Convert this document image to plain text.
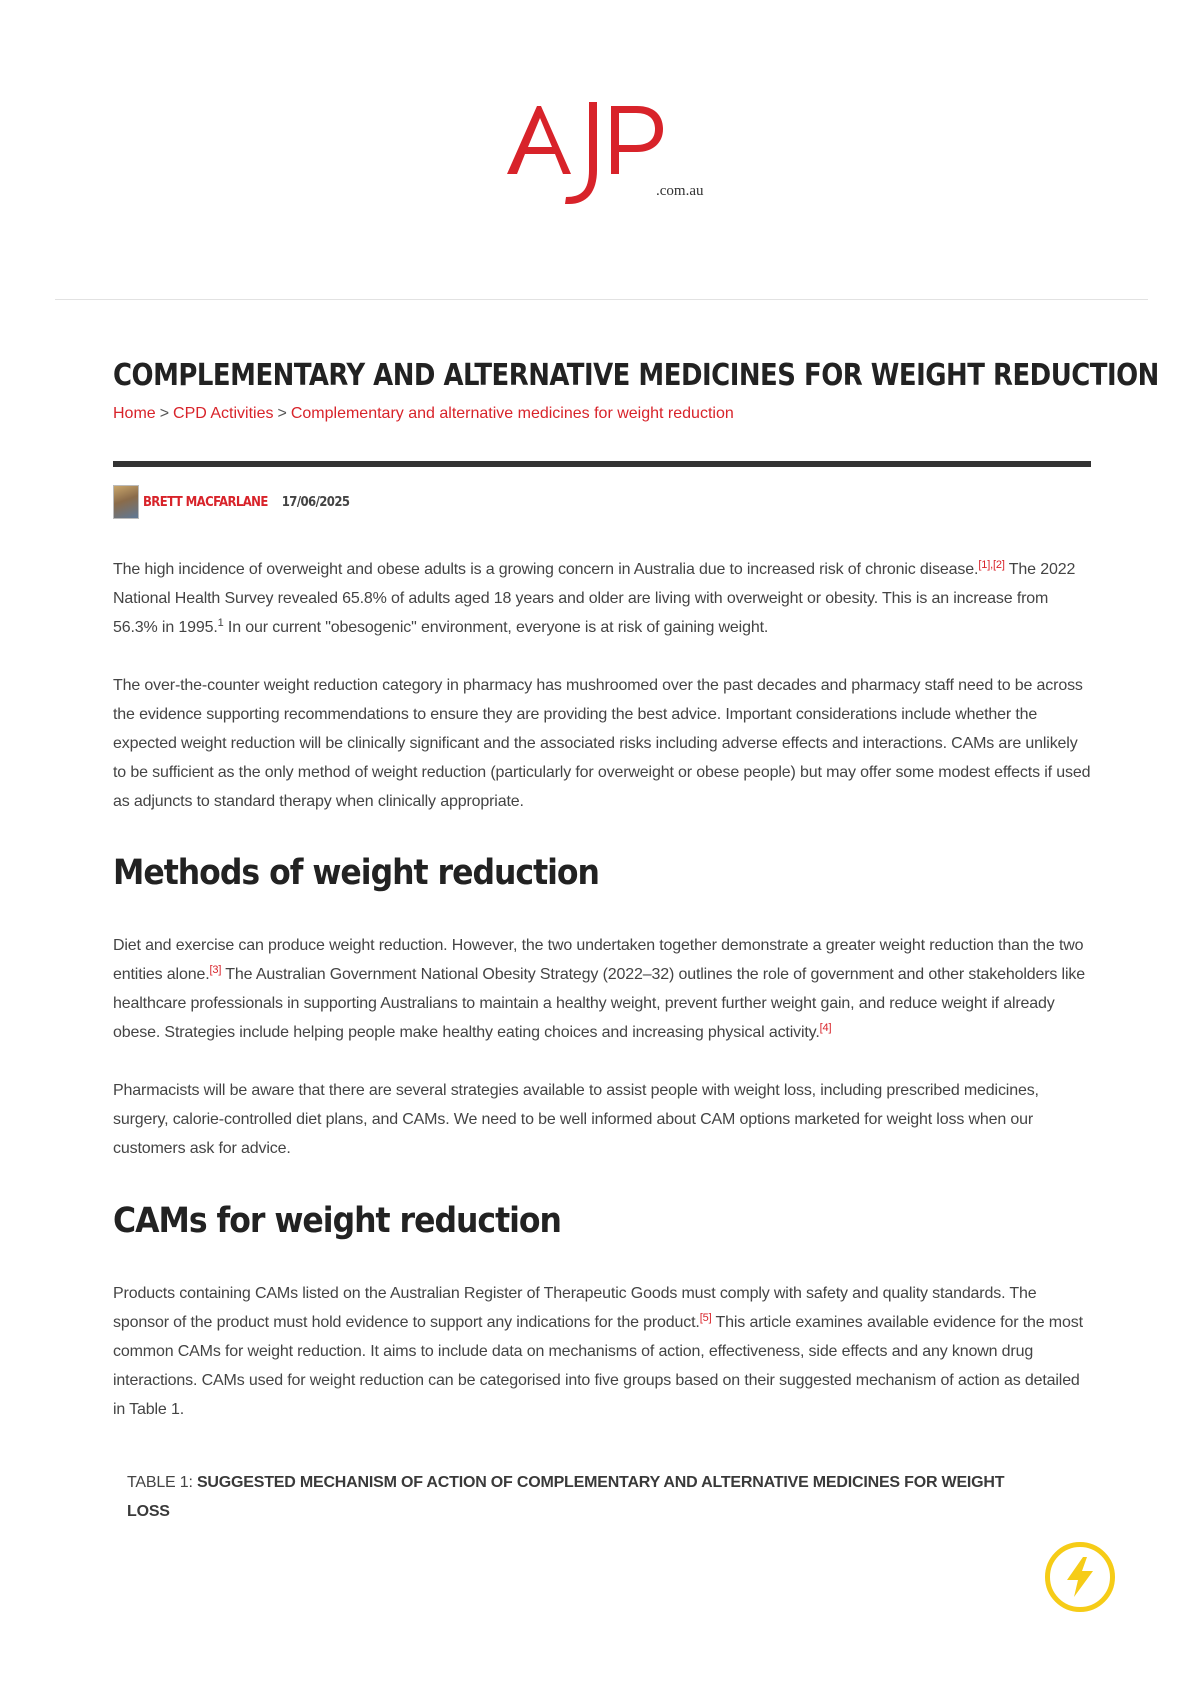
.com.au
COMPLEMENTARY AND ALTERNATIVE MEDICINES FOR WEIGHT REDUCTION
Home > CPD Activities > Complementary and alternative medicines for weight reduction
BRETT MACFARLANE 17/06/2025

The high incidence of overweight and obese adults is a growing concern in Australia due to increased risk of chronic disease.[1],[2] The 2022 National Health Survey revealed 65.8% of adults aged 18 years and older are living with overweight or obesity. This is an increase from 56.3% in 1995.$^1$ In our current "obesogenic" environment, everyone is at risk of gaining weight.

The over-the-counter weight reduction category in pharmacy has mushroomed over the past decades and pharmacy staff need to be across the evidence supporting recommendations to ensure they are providing the best advice. Important considerations include whether the expected weight reduction will be clinically significant and the associated risks including adverse effects and interactions. CAMs are unlikely to be sufficient as the only method of weight reduction (particularly for overweight or obese people) but may offer some modest effects if used as adjuncts to standard therapy when clinically appropriate.

Methods of weight reduction

Diet and exercise can produce weight reduction. However, the two undertaken together demonstrate a greater weight reduction than the two entities alone.[3] The Australian Government National Obesity Strategy (2022–32) outlines the role of government and other stakeholders like healthcare professionals in supporting Australians to maintain a healthy weight, prevent further weight gain, and reduce weight if already obese. Strategies include helping people make healthy eating choices and increasing physical activity.[4]

Pharmacists will be aware that there are several strategies available to assist people with weight loss, including prescribed medicines, surgery, calorie-controlled diet plans, and CAMs. We need to be well informed about CAM options marketed for weight loss when our customers ask for advice.

CAMs for weight reduction

Products containing CAMs listed on the Australian Register of Therapeutic Goods must comply with safety and quality standards. The sponsor of the product must hold evidence to support any indications for the product.[5] This article examines available evidence for the most common CAMs for weight reduction. It aims to include data on mechanisms of action, effectiveness, side effects and any known drug interactions. CAMs used for weight reduction can be categorised into five groups based on their suggested mechanism of action as detailed in Table 1.

TABLE 1: SUGGESTED MECHANISM OF ACTION OF COMPLEMENTARY AND ALTERNATIVE MEDICINES FOR WEIGHT LOSS
